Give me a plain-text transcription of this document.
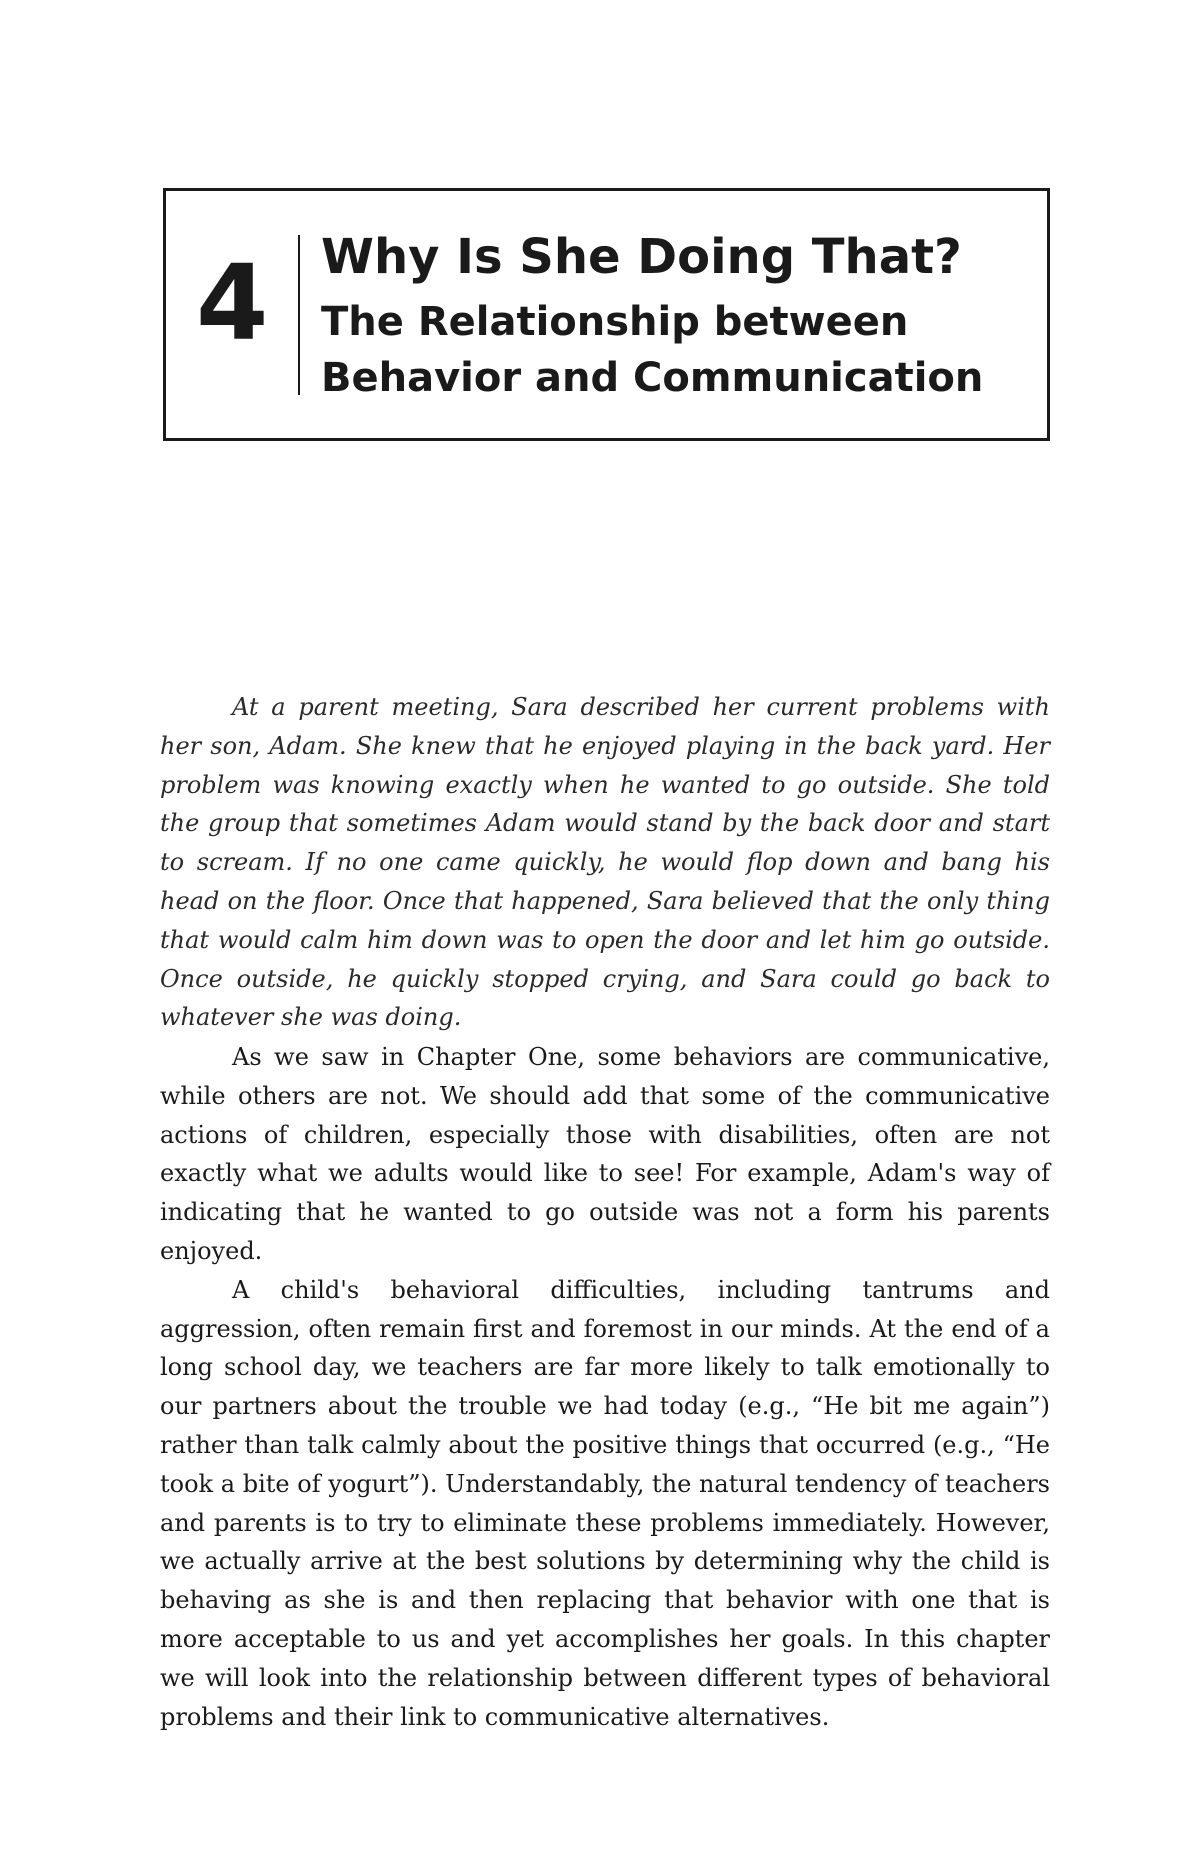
4	Why Is She Doing That?
The Relationship between
Behavior and Communication

At a parent meeting, Sara described her current problems with her son, Adam. She knew that he enjoyed playing in the back yard. Her problem was knowing exactly when he wanted to go outside. She told the group that sometimes Adam would stand by the back door and start to scream. If no one came quickly, he would flop down and bang his head on the floor. Once that happened, Sara believed that the only thing that would calm him down was to open the door and let him go outside. Once outside, he quickly stopped crying, and Sara could go back to whatever she was doing.

As we saw in Chapter One, some behaviors are communicative, while others are not. We should add that some of the communicative actions of children, especially those with disabilities, often are not exactly what we adults would like to see! For example, Adam's way of indicating that he wanted to go outside was not a form his parents enjoyed.

A child's behavioral difficulties, including tantrums and aggression, often remain first and foremost in our minds. At the end of a long school day, we teachers are far more likely to talk emotionally to our partners about the trouble we had today (e.g., “He bit me again”) rather than talk calmly about the positive things that occurred (e.g., “He took a bite of yogurt”). Understandably, the natural tendency of teachers and parents is to try to eliminate these problems immediately. However, we actually arrive at the best solutions by determining why the child is behaving as she is and then replacing that behavior with one that is more acceptable to us and yet accomplishes her goals. In this chapter we will look into the relationship between different types of behavioral problems and their link to communicative alternatives.
